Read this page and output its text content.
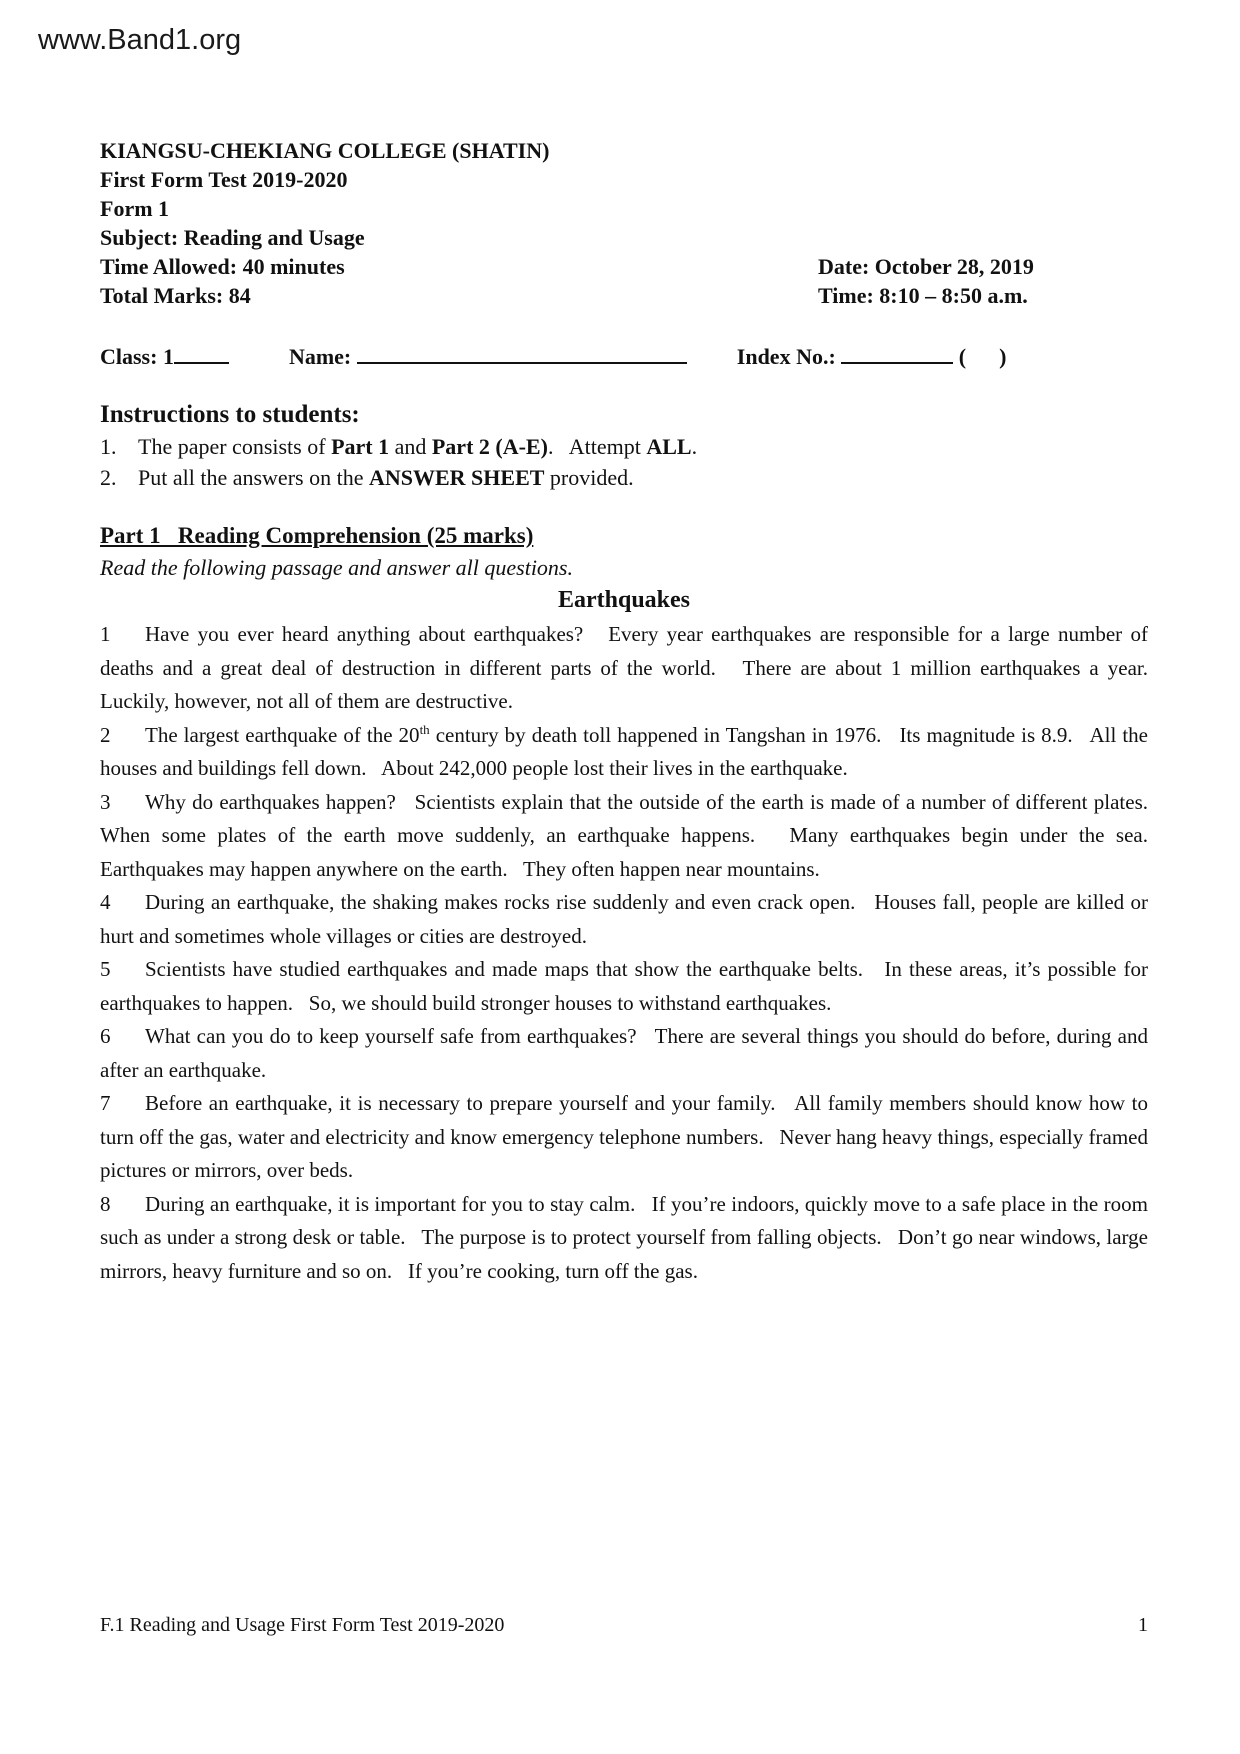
www.Band1.org
KIANGSU-CHEKIANG COLLEGE (SHATIN)
First Form Test 2019-2020
Form 1
Subject: Reading and Usage
Time Allowed: 40 minutes	Date: October 28, 2019
Total Marks: 84	Time: 8:10 – 8:50 a.m.
Class: 1	Name:	Index No.:	(      )
Instructions to students:
1. The paper consists of Part 1 and Part 2 (A-E).   Attempt ALL.
2. Put all the answers on the ANSWER SHEET provided.
Part 1   Reading Comprehension (25 marks)
Read the following passage and answer all questions.
Earthquakes

1 Have you ever heard anything about earthquakes?   Every year earthquakes are responsible for a large number of deaths and a great deal of destruction in different parts of the world.   There are about 1 million earthquakes a year.   Luckily, however, not all of them are destructive.

2 The largest earthquake of the 20th century by death toll happened in Tangshan in 1976.   Its magnitude is 8.9.   All the houses and buildings fell down.   About 242,000 people lost their lives in the earthquake.

3 Why do earthquakes happen?   Scientists explain that the outside of the earth is made of a number of different plates.   When some plates of the earth move suddenly, an earthquake happens.   Many earthquakes begin under the sea.   Earthquakes may happen anywhere on the earth.   They often happen near mountains.

4 During an earthquake, the shaking makes rocks rise suddenly and even crack open.   Houses fall, people are killed or hurt and sometimes whole villages or cities are destroyed.

5 Scientists have studied earthquakes and made maps that show the earthquake belts.   In these areas, it’s possible for earthquakes to happen.   So, we should build stronger houses to withstand earthquakes.

6 What can you do to keep yourself safe from earthquakes?   There are several things you should do before, during and after an earthquake.

7 Before an earthquake, it is necessary to prepare yourself and your family.   All family members should know how to turn off the gas, water and electricity and know emergency telephone numbers.   Never hang heavy things, especially framed pictures or mirrors, over beds.

8 During an earthquake, it is important for you to stay calm.   If you’re indoors, quickly move to a safe place in the room such as under a strong desk or table.   The purpose is to protect yourself from falling objects.   Don’t go near windows, large mirrors, heavy furniture and so on.   If you’re cooking, turn off the gas.

F.1 Reading and Usage First Form Test 2019-2020	1
